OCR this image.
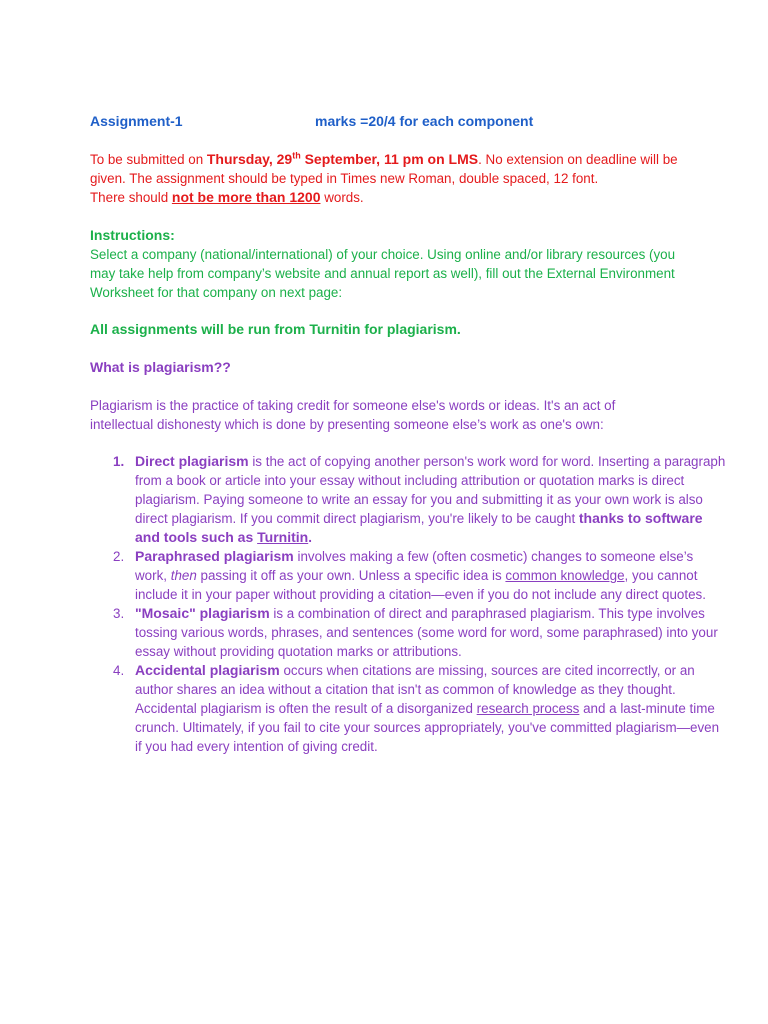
Assignment-1	marks =20/4 for each component
To be submitted on Thursday, 29th September, 11 pm on LMS. No extension on deadline will be given. The assignment should be typed in Times new Roman, double spaced, 12 font.
There should not be more than 1200 words.
Instructions:
Select a company (national/international) of your choice. Using online and/or library resources (you may take help from company’s website and annual report as well), fill out the External Environment Worksheet for that company on next page:
All assignments will be run from Turnitin for plagiarism.
What is plagiarism??
Plagiarism is the practice of taking credit for someone else's words or ideas. It's an act of intellectual dishonesty which is done by presenting someone else’s work as one's own:
1. Direct plagiarism is the act of copying another person's work word for word. Inserting a paragraph from a book or article into your essay without including attribution or quotation marks is direct plagiarism. Paying someone to write an essay for you and submitting it as your own work is also direct plagiarism. If you commit direct plagiarism, you're likely to be caught thanks to software and tools such as Turnitin.
2. Paraphrased plagiarism involves making a few (often cosmetic) changes to someone else’s work, then passing it off as your own. Unless a specific idea is common knowledge, you cannot include it in your paper without providing a citation—even if you do not include any direct quotes.
3. "Mosaic" plagiarism is a combination of direct and paraphrased plagiarism. This type involves tossing various words, phrases, and sentences (some word for word, some paraphrased) into your essay without providing quotation marks or attributions.
4. Accidental plagiarism occurs when citations are missing, sources are cited incorrectly, or an author shares an idea without a citation that isn't as common of knowledge as they thought. Accidental plagiarism is often the result of a disorganized research process and a last-minute time crunch. Ultimately, if you fail to cite your sources appropriately, you've committed plagiarism—even if you had every intention of giving credit.
